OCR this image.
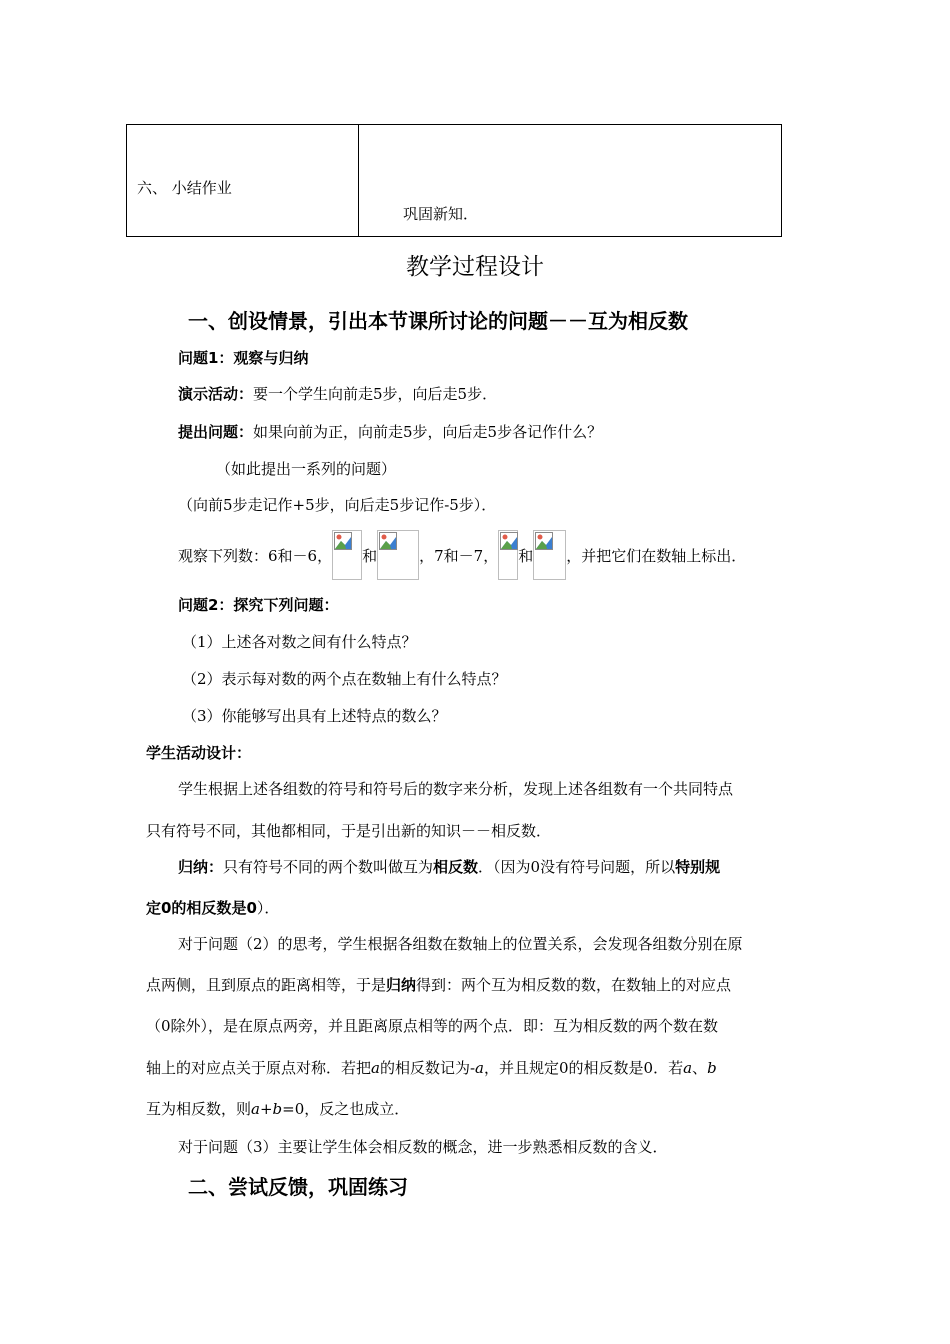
六、 小结作业
巩固新知．
教学过程设计
一、创设情景，引出本节课所讨论的问题－－互为相反数
问题1：观察与归纳
演示活动：要一个学生向前走5步，向后走5步．
提出问题：如果向前为正，向前走5步，向后走5步各记作什么？
（如此提出一系列的问题）
（向前5步走记作+5步，向后走5步记作-5步）．
观察下列数：6和－6， 和	，7和－7， 和 ，并把它们在数轴上标出．
问题2：探究下列问题：
（1）上述各对数之间有什么特点？
（2）表示每对数的两个点在数轴上有什么特点？
（3）你能够写出具有上述特点的数么？
学生活动设计：
学生根据上述各组数的符号和符号后的数字来分析，发现上述各组数有一个共同特点
只有符号不同，其他都相同，于是引出新的知识－－相反数．
归纳：只有符号不同的两个数叫做互为相反数．（因为0没有符号问题，所以特别规
定0的相反数是0）．
对于问题（2）的思考，学生根据各组数在数轴上的位置关系，会发现各组数分别在原
点两侧，且到原点的距离相等，于是归纳得到：两个互为相反数的数，在数轴上的对应点
（0除外），是在原点两旁，并且距离原点相等的两个点．即：互为相反数的两个数在数
轴上的对应点关于原点对称．若把a的相反数记为-a，并且规定0的相反数是0．若a、b
互为相反数，则a+b=0，反之也成立．
对于问题（3）主要让学生体会相反数的概念，进一步熟悉相反数的含义．
二、尝试反馈，巩固练习
